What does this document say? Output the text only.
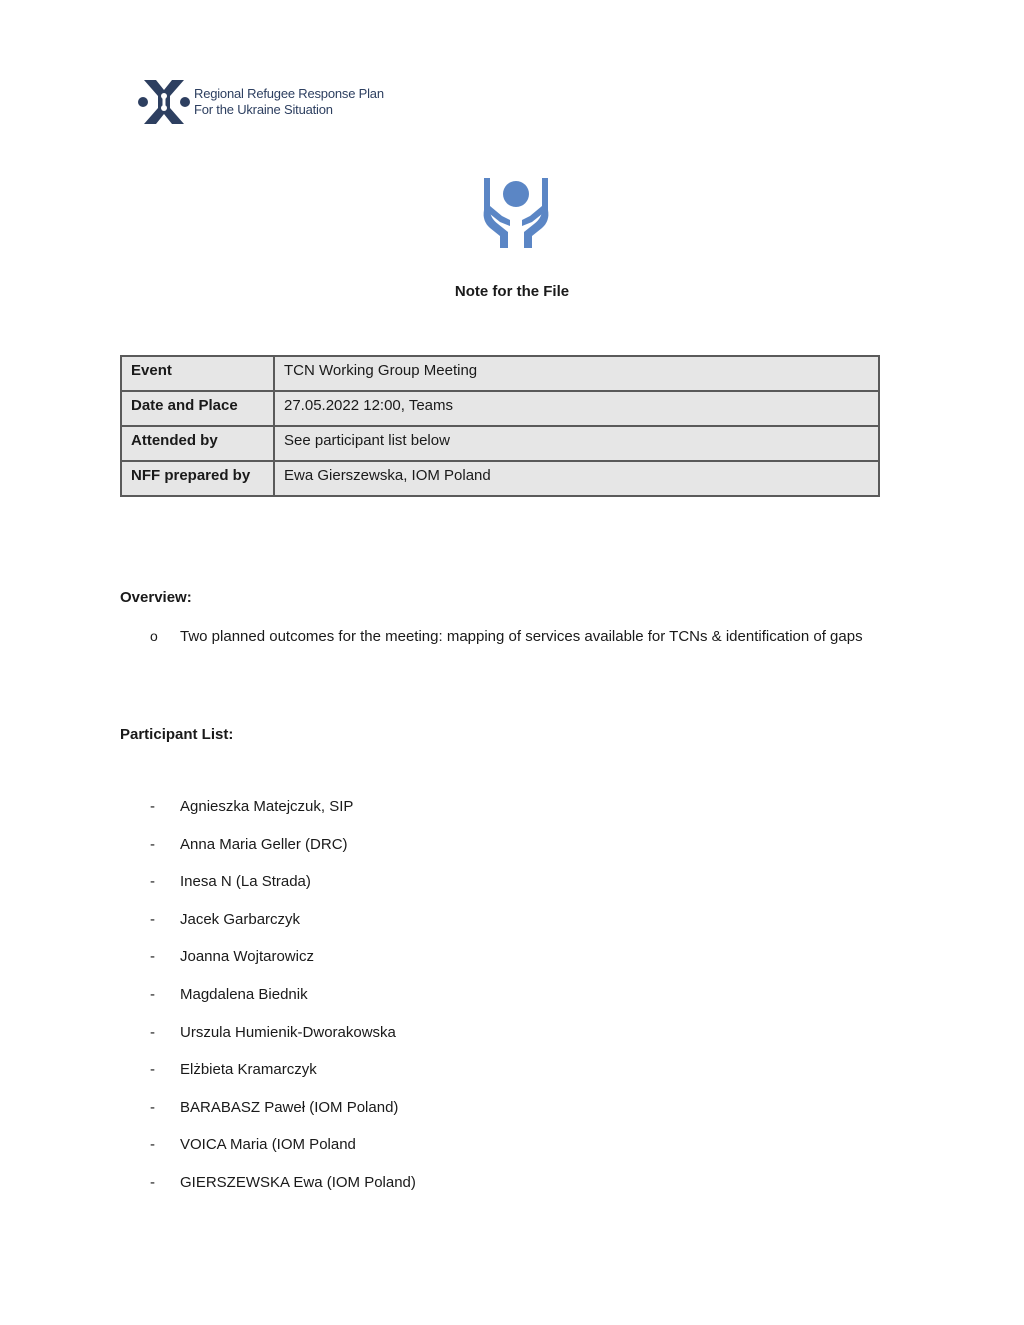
Regional Refugee Response Plan
For the Ukraine Situation
Note for the File
Event	TCN Working Group Meeting
Date and Place	27.05.2022 12:00, Teams
Attended by	See participant list below
NFF prepared by	Ewa Gierszewska, IOM Poland
Overview:
o	Two planned outcomes for the meeting: mapping of services available for TCNs & identification of gaps
Participant List:
-	Agnieszka Matejczuk, SIP
-	Anna Maria Geller (DRC)
-	Inesa N (La Strada)
-	Jacek Garbarczyk
-	Joanna Wojtarowicz
-	Magdalena Biednik
-	Urszula Humienik-Dworakowska
-	Elżbieta Kramarczyk
-	BARABASZ Paweł (IOM Poland)
-	VOICA Maria (IOM Poland
-	GIERSZEWSKA Ewa (IOM Poland)
